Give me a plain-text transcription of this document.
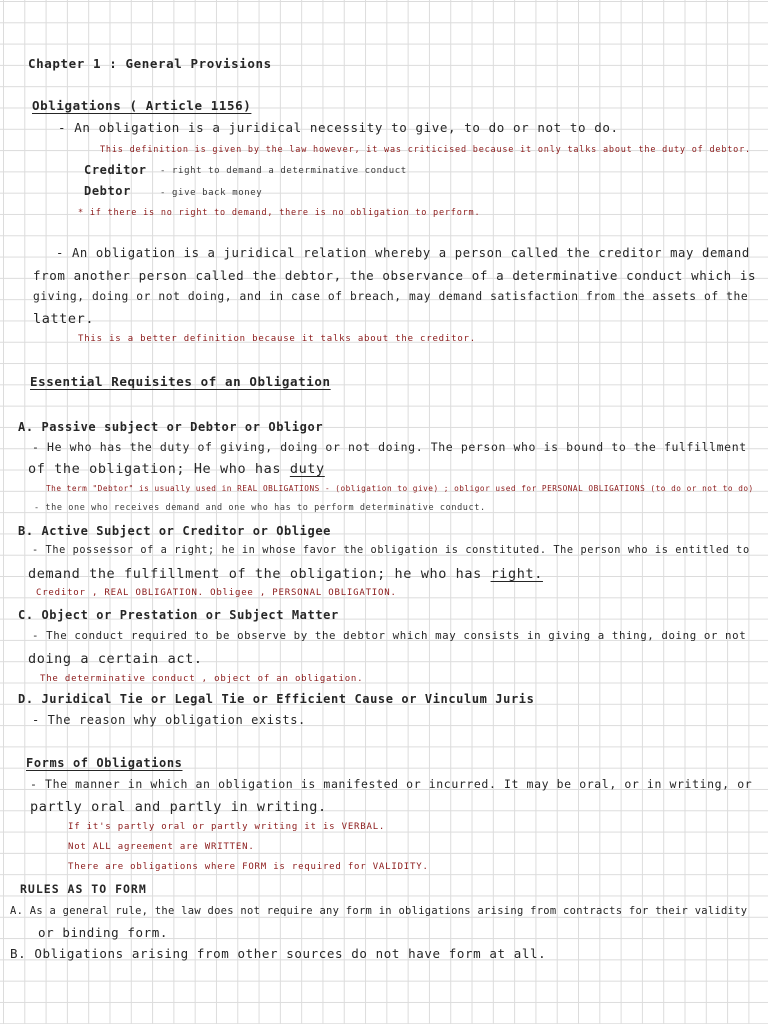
Chapter 1 : General Provisions
Obligations ( Article 1156)
- An obligation is a juridical necessity to give, to do or not to do.
This definition is given by the law however, it was criticised because it only talks about the duty of debtor.
Creditor - right to demand a determinative conduct
Debtor	- give back money
* if there is no right to demand, there is no obligation to perform.
- An obligation is a juridical relation whereby a person called the creditor may demand
from another person called the debtor, the observance of a determinative conduct which is
giving, doing or not doing, and in case of breach, may demand satisfaction from the assets of the
latter.
This is a better definition because it talks about the creditor.
Essential Requisites of an Obligation
A. Passive subject or Debtor or Obligor
- He who has the duty of giving, doing or not doing. The person who is bound to the fulfillment
of the obligation; He who has duty
The term "Debtor" is usually used in REAL OBLIGATIONS - (obligation to give) ; obligor used for PERSONAL OBLIGATIONS (to do or not to do)
- the one who receives demand and one who has to perform determinative conduct.
B. Active Subject or Creditor or Obligee
- The possessor of a right; he in whose favor the obligation is constituted. The person who is entitled to
demand the fulfillment of the obligation; he who has right.
Creditor , REAL OBLIGATION. Obligee , PERSONAL OBLIGATION.
C. Object or Prestation or Subject Matter
- The conduct required to be observe by the debtor which may consists in giving a thing, doing or not
doing a certain act.
The determinative conduct , object of an obligation.
D. Juridical Tie or Legal Tie or Efficient Cause or Vinculum Juris
- The reason why obligation exists.
Forms of Obligations
- The manner in which an obligation is manifested or incurred. It may be oral, or in writing, or
partly oral and partly in writing.
If it's partly oral or partly writing it is VERBAL.
Not ALL agreement are WRITTEN.
There are obligations where FORM is required for VALIDITY.
RULES AS TO FORM
A. As a general rule, the law does not require any form in obligations arising from contracts for their validity
or binding form.
B. Obligations arising from other sources do not have form at all.
